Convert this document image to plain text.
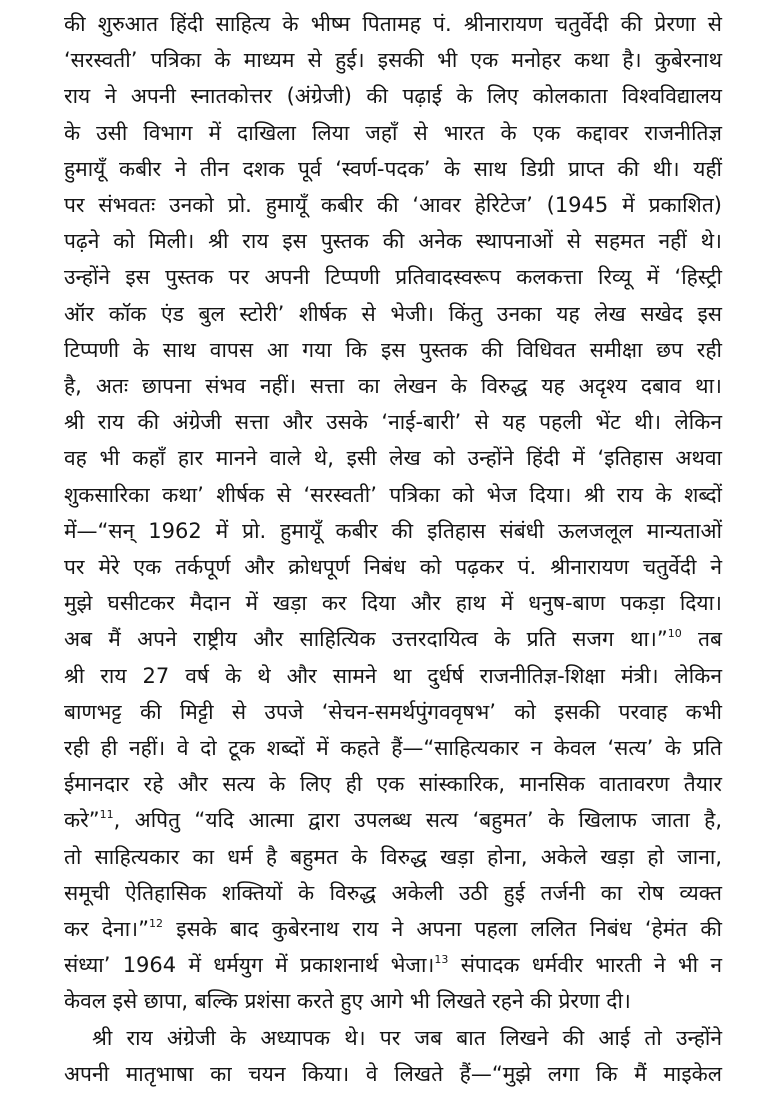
की शुरुआत हिंदी साहित्य के भीष्म पितामह पं. श्रीनारायण चतुर्वेदी की प्रेरणा से
‘सरस्वती’ पत्रिका के माध्यम से हुई। इसकी भी एक मनोहर कथा है। कुबेरनाथ
राय ने अपनी स्नातकोत्तर (अंग्रेजी) की पढ़ाई के लिए कोलकाता विश्वविद्यालय
के उसी विभाग में दाखिला लिया जहाँ से भारत के एक कद्दावर राजनीतिज्ञ
हुमायूँ कबीर ने तीन दशक पूर्व ‘स्वर्ण-पदक’ के साथ डिग्री प्राप्त की थी। यहीं
पर संभवतः उनको प्रो. हुमायूँ कबीर की ‘आवर हेरिटेज’ (1945 में प्रकाशित)
पढ़ने को मिली। श्री राय इस पुस्तक की अनेक स्थापनाओं से सहमत नहीं थे।
उन्होंने इस पुस्तक पर अपनी टिप्पणी प्रतिवादस्वरूप कलकत्ता रिव्यू में ‘हिस्ट्री
ऑर कॉक एंड बुल स्टोरी’ शीर्षक से भेजी। किंतु उनका यह लेख सखेद इस
टिप्पणी के साथ वापस आ गया कि इस पुस्तक की विधिवत समीक्षा छप रही
है, अतः छापना संभव नहीं। सत्ता का लेखन के विरुद्ध यह अदृश्य दबाव था।
श्री राय की अंग्रेजी सत्ता और उसके ‘नाई-बारी’ से यह पहली भेंट थी। लेकिन
वह भी कहाँ हार मानने वाले थे, इसी लेख को उन्होंने हिंदी में ‘इतिहास अथवा
शुकसारिका कथा’ शीर्षक से ‘सरस्वती’ पत्रिका को भेज दिया। श्री राय के शब्दों
में—“सन् 1962 में प्रो. हुमायूँ कबीर की इतिहास संबंधी ऊलजलूल मान्यताओं
पर मेरे एक तर्कपूर्ण और क्रोधपूर्ण निबंध को पढ़कर पं. श्रीनारायण चतुर्वेदी ने
मुझे घसीटकर मैदान में खड़ा कर दिया और हाथ में धनुष-बाण पकड़ा दिया।
अब मैं अपने राष्ट्रीय और साहित्यिक उत्तरदायित्व के प्रति सजग था।”$^{10}$ तब
श्री राय 27 वर्ष के थे और सामने था दुर्धर्ष राजनीतिज्ञ-शिक्षा मंत्री। लेकिन
बाणभट्ट की मिट्टी से उपजे ‘सेचन-समर्थपुंगववृषभ’ को इसकी परवाह कभी
रही ही नहीं। वे दो टूक शब्दों में कहते हैं—“साहित्यकार न केवल ‘सत्य’ के प्रति
ईमानदार रहे और सत्य के लिए ही एक सांस्कारिक, मानसिक वातावरण तैयार
करे”$^{11}$, अपितु “यदि आत्मा द्वारा उपलब्ध सत्य ‘बहुमत’ के खिलाफ जाता है,
तो साहित्यकार का धर्म है बहुमत के विरुद्ध खड़ा होना, अकेले खड़ा हो जाना,
समूची ऐतिहासिक शक्तियों के विरुद्ध अकेली उठी हुई तर्जनी का रोष व्यक्त
कर देना।”$^{12}$ इसके बाद कुबेरनाथ राय ने अपना पहला ललित निबंध ‘हेमंत की
संध्या’ 1964 में धर्मयुग में प्रकाशनार्थ भेजा।$^{13}$ संपादक धर्मवीर भारती ने भी न
केवल इसे छापा, बल्कि प्रशंसा करते हुए आगे भी लिखते रहने की प्रेरणा दी।
श्री राय अंग्रेजी के अध्यापक थे। पर जब बात लिखने की आई तो उन्होंने
अपनी मातृभाषा का चयन किया। वे लिखते हैं—“मुझे लगा कि मैं माइकेल
